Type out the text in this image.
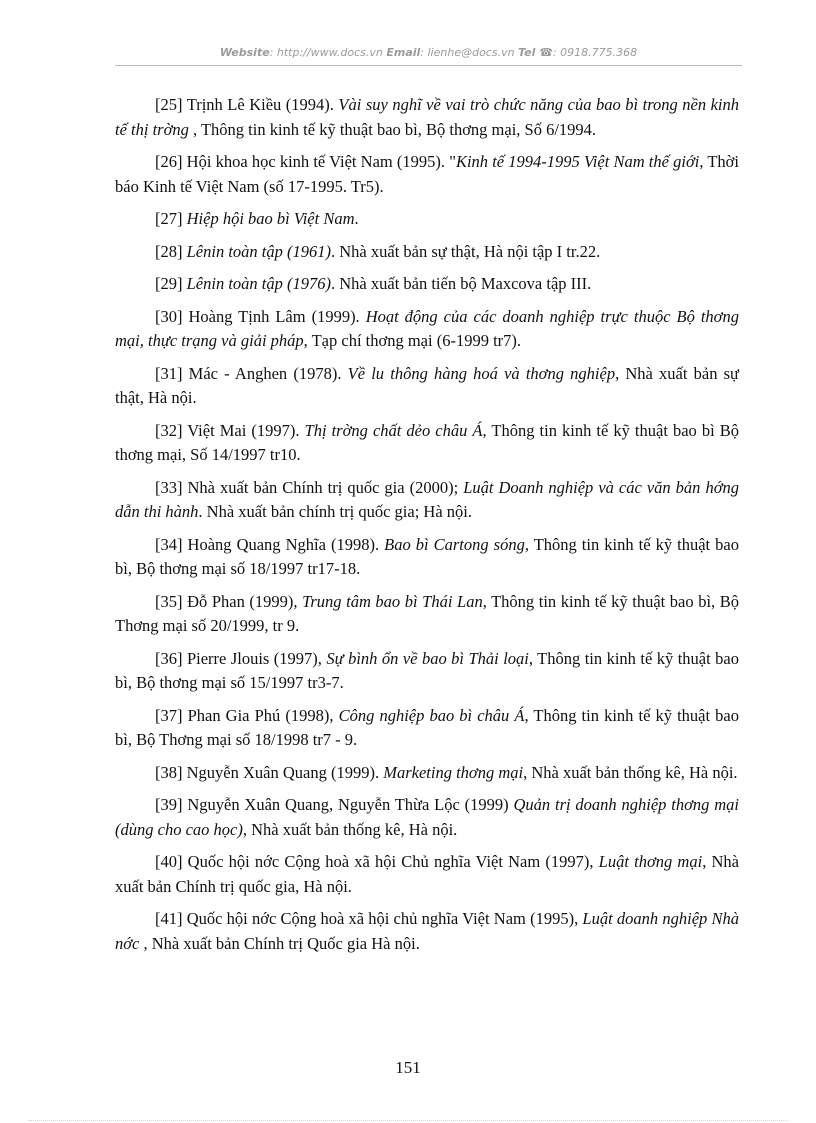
Website: http://www.docs.vn Email: lienhe@docs.vn Tel ☎: 0918.775.368

[25] Trịnh Lê Kiều (1994). Vài suy nghĩ về vai trò chức năng của bao bì trong nền kinh tế thị trờng , Thông tin kinh tế kỹ thuật bao bì, Bộ thơng mại, Số 6/1994.

[26] Hội khoa học kinh tế Việt Nam (1995). "Kinh tế 1994-1995 Việt Nam thế giới, Thời báo Kinh tế Việt Nam (số 17-1995. Tr5).

[27] Hiệp hội bao bì Việt Nam.

[28] Lênin toàn tập (1961). Nhà xuất bản sự thật, Hà nội tập I tr.22.

[29] Lênin toàn tập (1976). Nhà xuất bản tiến bộ Maxcova tập III.

[30] Hoàng Tịnh Lâm (1999). Hoạt động của các doanh nghiệp trực thuộc Bộ thơng mại, thực trạng và giải pháp, Tạp chí thơng mại (6-1999 tr7).

[31] Mác - Anghen (1978). Về lu thông hàng hoá và thơng nghiệp, Nhà xuất bản sự thật, Hà nội.

[32] Việt Mai (1997). Thị trờng chất dẻo châu Á, Thông tin kinh tế kỹ thuật bao bì Bộ thơng mại, Số 14/1997 tr10.

[33] Nhà xuất bản Chính trị quốc gia (2000); Luật Doanh nghiệp và các văn bản hớng dẫn thi hành. Nhà xuất bản chính trị quốc gia; Hà nội.

[34] Hoàng Quang Nghĩa (1998). Bao bì Cartong sóng, Thông tin kinh tế kỹ thuật bao bì, Bộ thơng mại số 18/1997 tr17-18.

[35] Đỗ Phan (1999), Trung tâm bao bì Thái Lan, Thông tin kinh tế kỹ thuật bao bì, Bộ Thơng mại số 20/1999, tr 9.

[36] Pierre Jlouis (1997), Sự bình ổn về bao bì Thải loại, Thông tin kinh tế kỹ thuật bao bì, Bộ thơng mại số 15/1997 tr3-7.

[37] Phan Gia Phú (1998), Công nghiệp bao bì châu Á, Thông tin kinh tế kỹ thuật bao bì, Bộ Thơng mại số 18/1998 tr7 - 9.

[38] Nguyễn Xuân Quang (1999). Marketing thơng mại, Nhà xuất bản thống kê, Hà nội.

[39] Nguyễn Xuân Quang, Nguyễn Thừa Lộc (1999) Quản trị doanh nghiệp thơng mại (dùng cho cao học), Nhà xuất bản thống kê, Hà nội.

[40] Quốc hội nớc Cộng hoà xã hội Chủ nghĩa Việt Nam (1997), Luật thơng mại, Nhà xuất bản Chính trị quốc gia, Hà nội.

[41] Quốc hội nớc Cộng hoà xã hội chủ nghĩa Việt Nam (1995), Luật doanh nghiệp Nhà nớc , Nhà xuất bản Chính trị Quốc gia Hà nội.

151
